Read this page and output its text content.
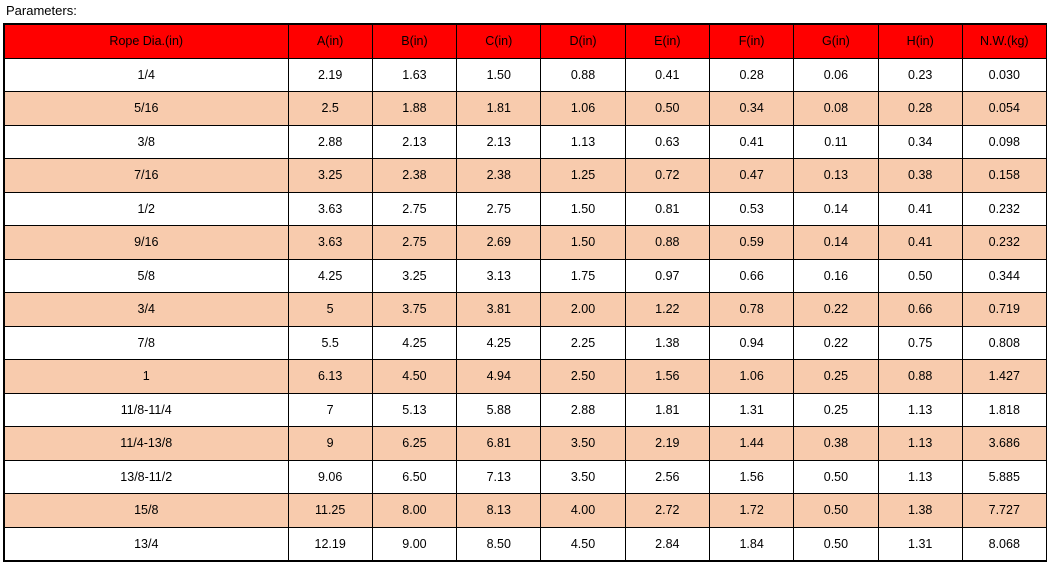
Parameters:
Rope Dia.(in)	A(in)	B(in)	C(in)	D(in)	E(in)	F(in)	G(in)	H(in)	N.W.(kg)
1/4	2.19	1.63	1.50	0.88	0.41	0.28	0.06	0.23	0.030
5/16	2.5	1.88	1.81	1.06	0.50	0.34	0.08	0.28	0.054
3/8	2.88	2.13	2.13	1.13	0.63	0.41	0.11	0.34	0.098
7/16	3.25	2.38	2.38	1.25	0.72	0.47	0.13	0.38	0.158
1/2	3.63	2.75	2.75	1.50	0.81	0.53	0.14	0.41	0.232
9/16	3.63	2.75	2.69	1.50	0.88	0.59	0.14	0.41	0.232
5/8	4.25	3.25	3.13	1.75	0.97	0.66	0.16	0.50	0.344
3/4	5	3.75	3.81	2.00	1.22	0.78	0.22	0.66	0.719
7/8	5.5	4.25	4.25	2.25	1.38	0.94	0.22	0.75	0.808
1	6.13	4.50	4.94	2.50	1.56	1.06	0.25	0.88	1.427
11/8-11/4	7	5.13	5.88	2.88	1.81	1.31	0.25	1.13	1.818
11/4-13/8	9	6.25	6.81	3.50	2.19	1.44	0.38	1.13	3.686
13/8-11/2	9.06	6.50	7.13	3.50	2.56	1.56	0.50	1.13	5.885
15/8	11.25	8.00	8.13	4.00	2.72	1.72	0.50	1.38	7.727
13/4	12.19	9.00	8.50	4.50	2.84	1.84	0.50	1.31	8.068
